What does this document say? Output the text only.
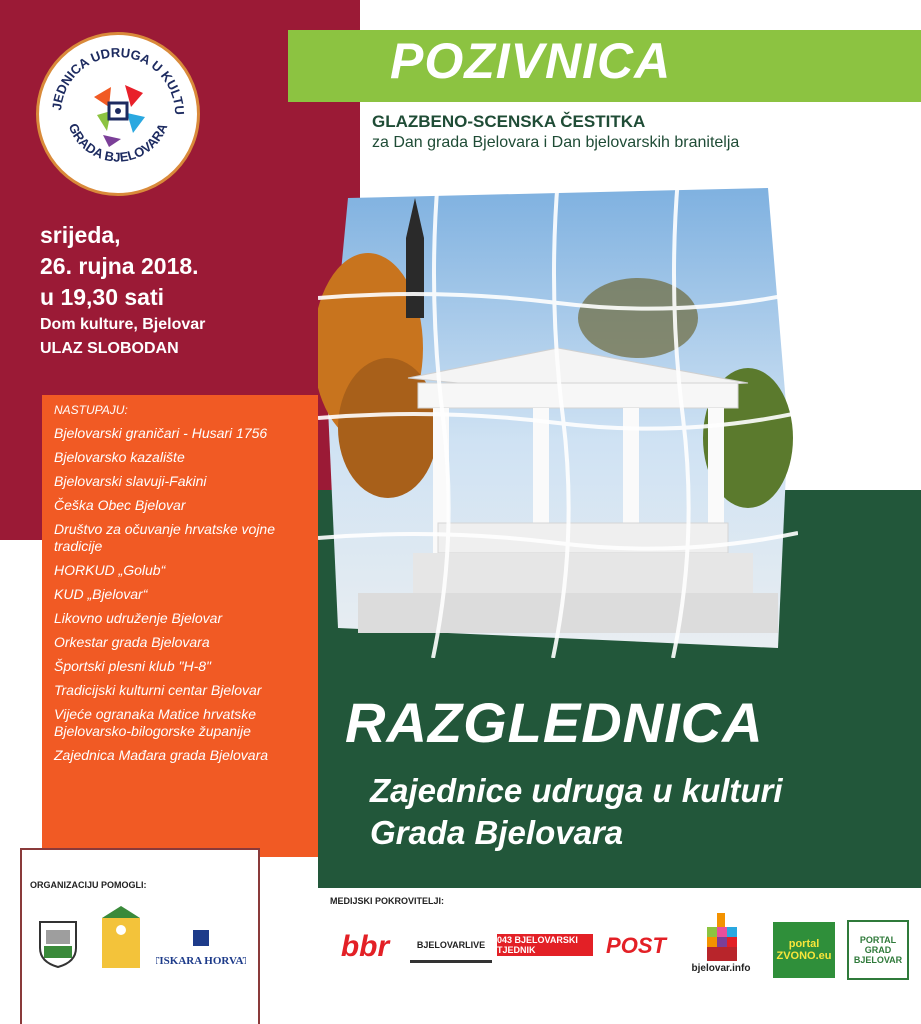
JEDNICA UDRUGA U KULTU
GRADA BJELOVARA
POZIVNICA
GLAZBENO-SCENSKA ČESTITKA
za Dan grada Bjelovara i Dan bjelovarskih branitelja
srijeda,
26. rujna 2018.
u 19,30 sati
Dom kulture, Bjelovar
ULAZ SLOBODAN
NASTUPAJU:
Bjelovarski graničari - Husari 1756
Bjelovarsko kazalište
Bjelovarski slavuji-Fakini
Češka Obec Bjelovar
Društvo za očuvanje hrvatske vojne tradicije
HORKUD „Golub“
KUD „Bjelovar“
Likovno udruženje Bjelovar
Orkestar grada Bjelovara
Športski plesni klub "H-8"
Tradicijski kulturni centar Bjelovar
Vijeće ogranaka Matice hrvatske Bjelovarsko-bilogorske županije
Zajednica Mađara grada Bjelovara
RAZGLEDNICA
Zajednice udruga u kulturi
Grada Bjelovara
ORGANIZACIJU POMOGLI:
TISKARA HORVAT
MEDIJSKI POKROVITELJI:
bbr	BJELOVARLIVE	043 BJELOVARSKI TJEDNIK	POST
bjelovar.info
portal ZVONO.eu
PORTAL GRAD BJELOVAR
